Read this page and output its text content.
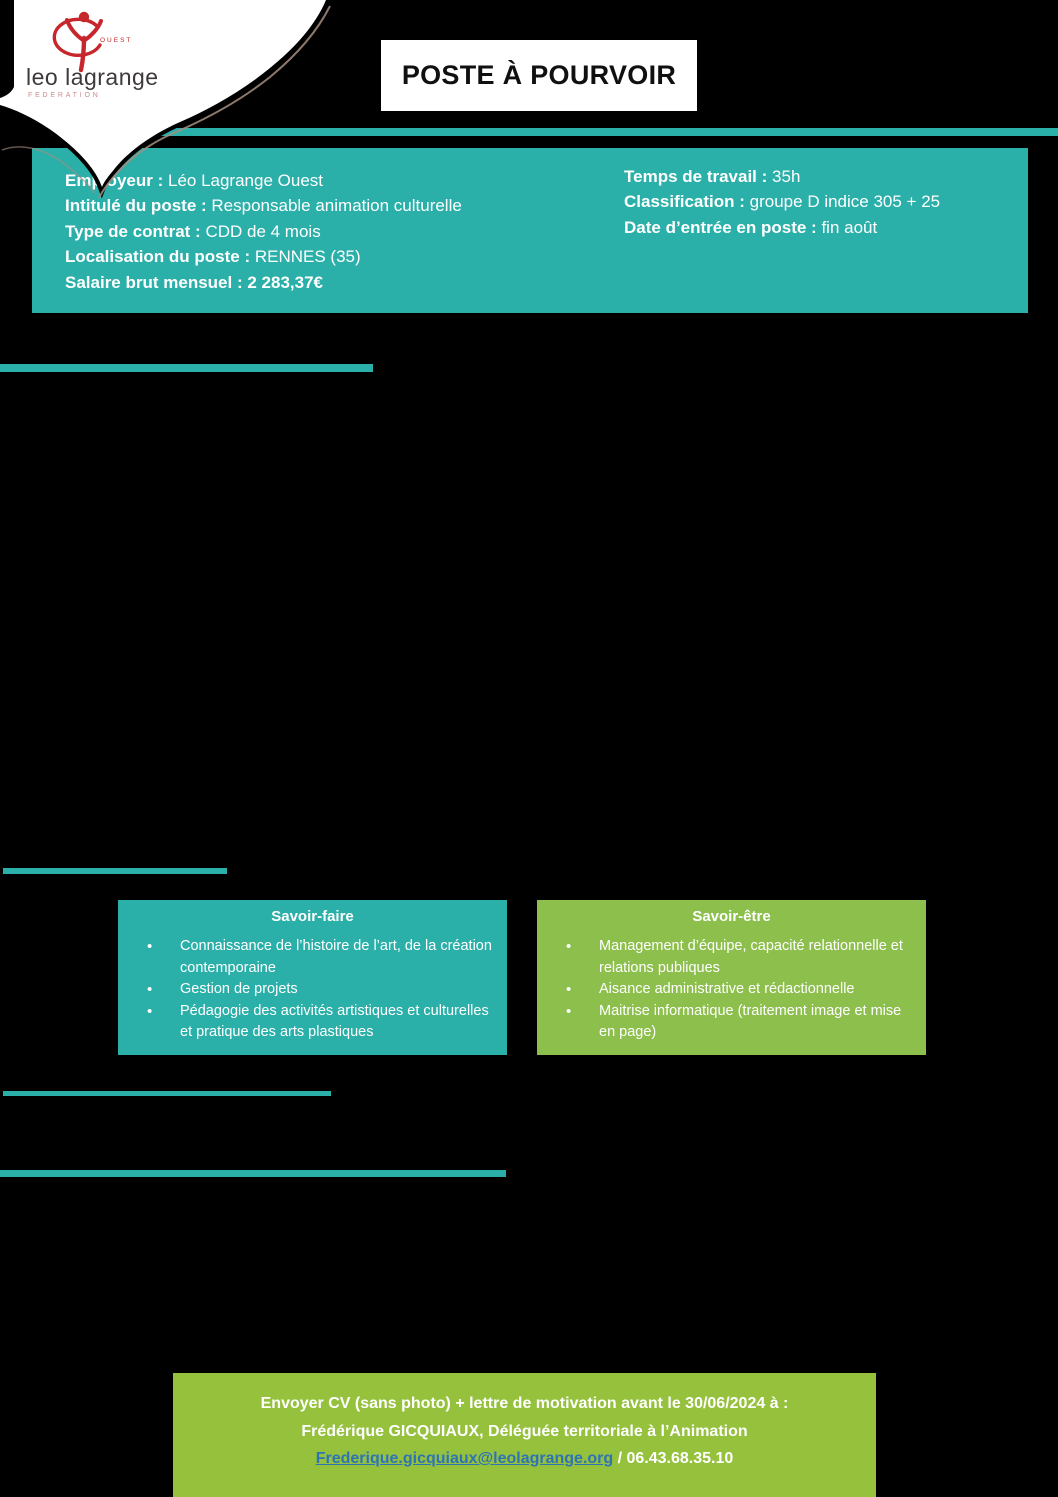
OUEST
leo lagrange
FEDERATION
POSTE À POURVOIR
Employeur : Léo Lagrange Ouest
Intitulé du poste : Responsable animation culturelle
Type de contrat : CDD de 4 mois
Localisation du poste : RENNES (35)
Salaire brut mensuel : 2 283,37€
Temps de travail : 35h
Classification : groupe D indice 305 + 25
Date d’entrée en poste : fin août
Savoir-faire
• Connaissance de l’histoire de l’art, de la création contemporaine
• Gestion de projets
• Pédagogie des activités artistiques et culturelles et pratique des arts plastiques
Savoir-être
• Management d’équipe, capacité relationnelle et relations publiques
• Aisance administrative et rédactionnelle
• Maitrise informatique (traitement image et mise en page)
Envoyer CV (sans photo) + lettre de motivation avant le 30/06/2024 à :
Frédérique GICQUIAUX, Déléguée territoriale à l’Animation
Frederique.gicquiaux@leolagrange.org / 06.43.68.35.10
